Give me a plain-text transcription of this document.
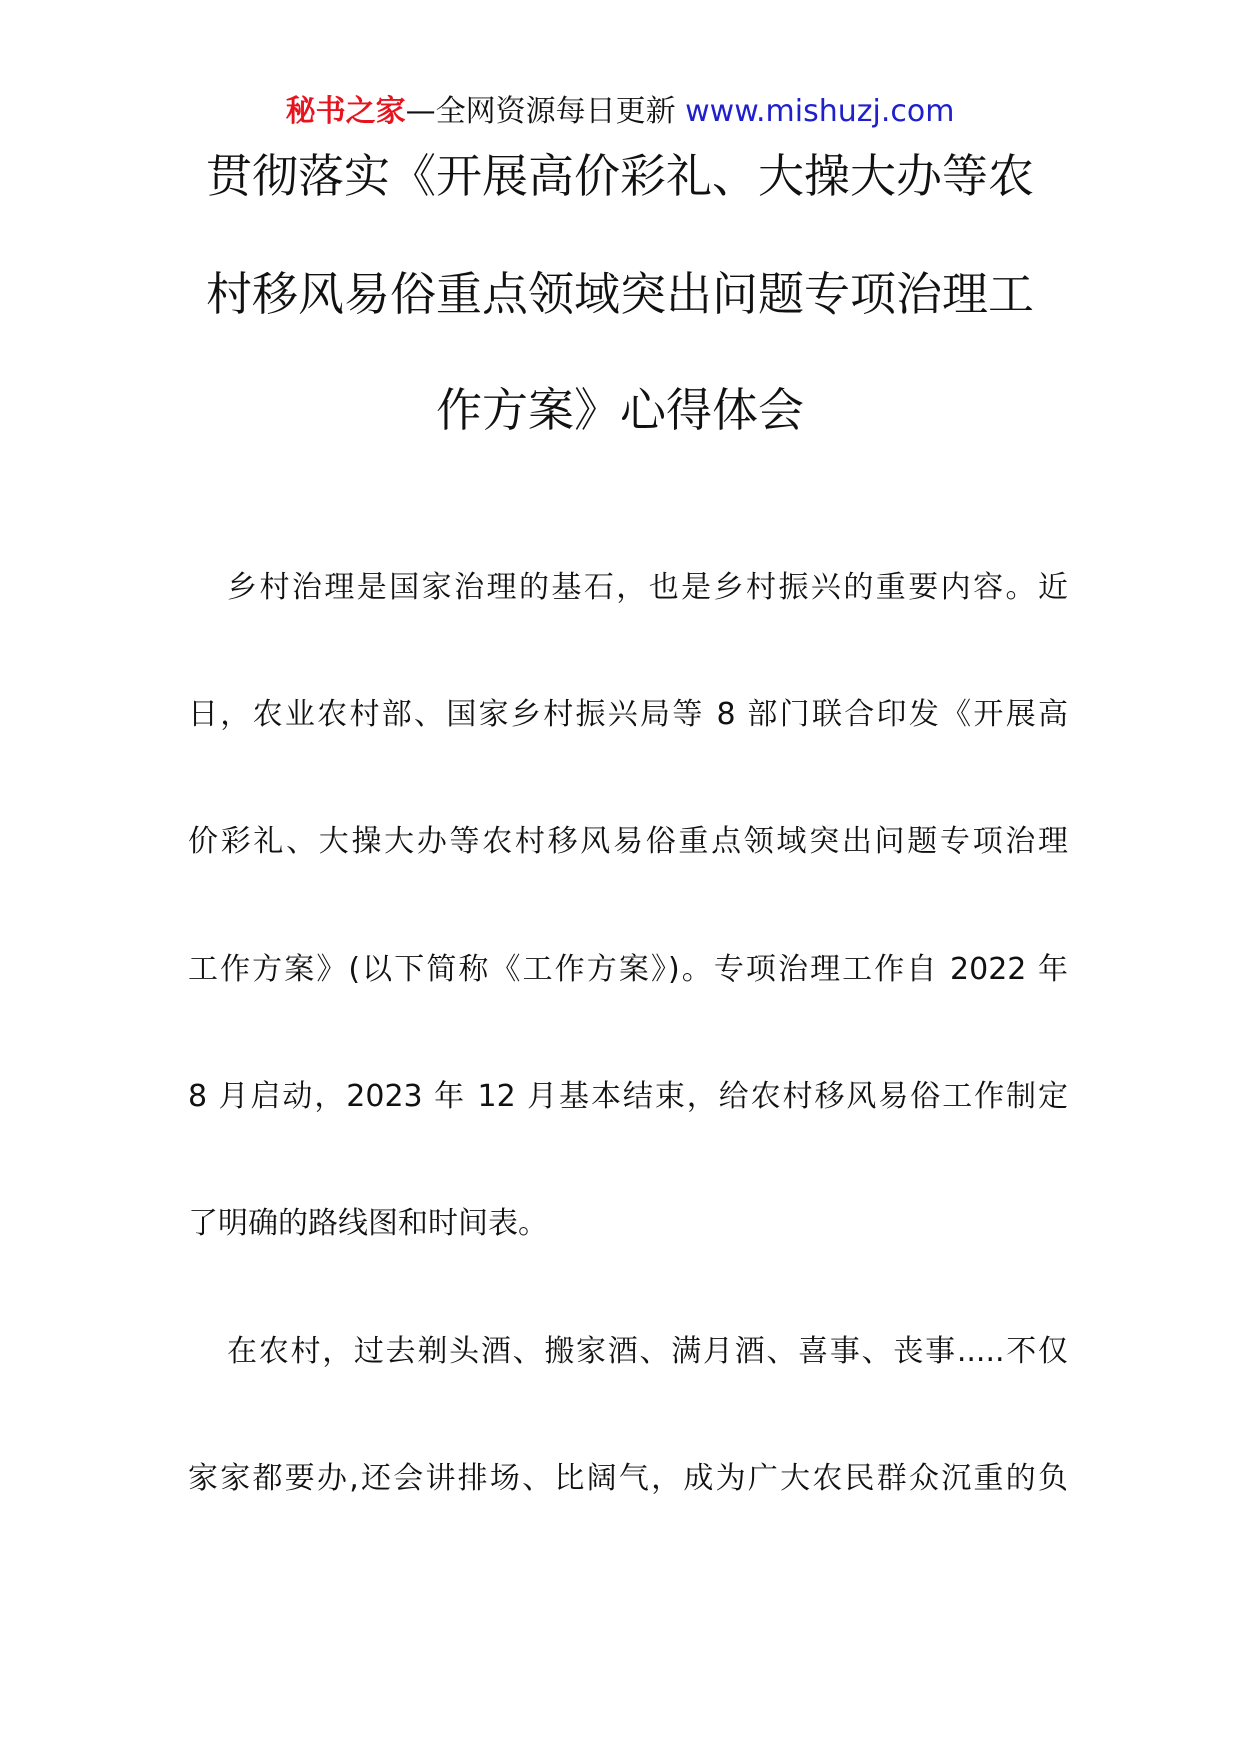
秘书之家—全网资源每日更新 www.mishuzj.com
贯彻落实《开展高价彩礼、大操大办等农
村移风易俗重点领域突出问题专项治理工
作方案》心得体会
乡村治理是国家治理的基石，也是乡村振兴的重要内容。近
日，农业农村部、国家乡村振兴局等 8 部门联合印发《开展高
价彩礼、大操大办等农村移风易俗重点领域突出问题专项治理
工作方案》(以下简称《工作方案》)。专项治理工作自 2022 年
8 月启动，2023 年 12 月基本结束，给农村移风易俗工作制定
了明确的路线图和时间表。
在农村，过去剃头酒、搬家酒、满月酒、喜事、丧事.....不仅
家家都要办,还会讲排场、比阔气，成为广大农民群众沉重的负
